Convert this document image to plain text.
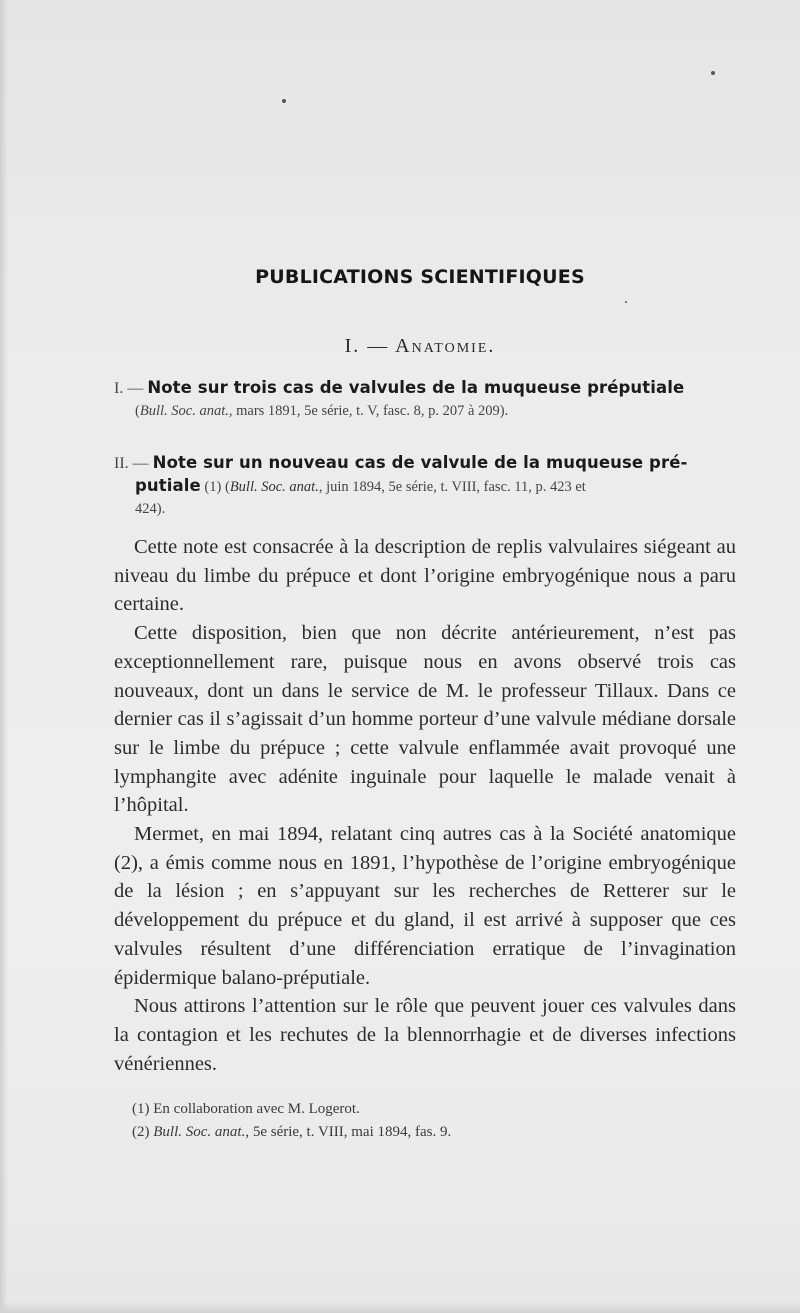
PUBLICATIONS SCIENTIFIQUES
I. — Anatomie.
I. — Note sur trois cas de valvules de la muqueuse préputiale
(Bull. Soc. anat., mars 1891, 5e série, t. V, fasc. 8, p. 207 à 209).
II. — Note sur un nouveau cas de valvule de la muqueuse pré-
putiale (1) (Bull. Soc. anat., juin 1894, 5e série, t. VIII, fasc. 11, p. 423 et
424).

Cette note est consacrée à la description de replis valvulaires siégeant au niveau du limbe du prépuce et dont l’origine embryogénique nous a paru certaine.

Cette disposition, bien que non décrite antérieurement, n’est pas exceptionnellement rare, puisque nous en avons observé trois cas nouveaux, dont un dans le service de M. le professeur Tillaux. Dans ce dernier cas il s’agissait d’un homme porteur d’une valvule médiane dorsale sur le limbe du prépuce ; cette valvule enflammée avait provoqué une lymphangite avec adénite inguinale pour laquelle le malade venait à l’hôpital.

Mermet, en mai 1894, relatant cinq autres cas à la Société anatomique (2), a émis comme nous en 1891, l’hypothèse de l’origine embryogénique de la lésion ; en s’appuyant sur les recherches de Retterer sur le développement du prépuce et du gland, il est arrivé à supposer que ces valvules résultent d’une différenciation erratique de l’invagination épidermique balano-préputiale.

Nous attirons l’attention sur le rôle que peuvent jouer ces valvules dans la contagion et les rechutes de la blennorrhagie et de diverses infections vénériennes.

(1) En collaboration avec M. Logerot.
(2) Bull. Soc. anat., 5e série, t. VIII, mai 1894, fas. 9.
